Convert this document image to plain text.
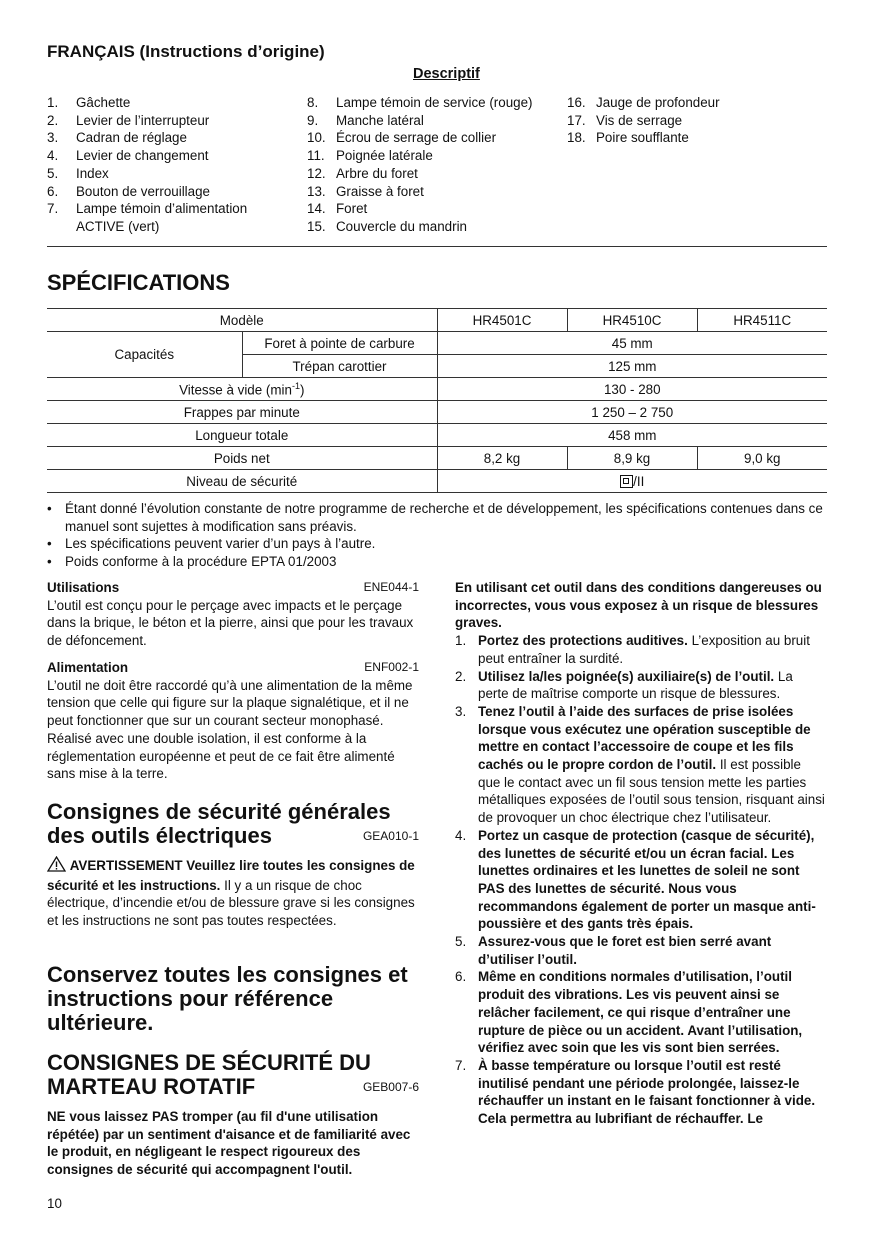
FRANÇAIS (Instructions d’origine)
Descriptif
1.	Gâchette
2.	Levier de l’interrupteur
3.	Cadran de réglage
4.	Levier de changement
5.	Index
6.	Bouton de verrouillage
7.	Lampe témoin d’alimentation
ACTIVE (vert)
8.	Lampe témoin de service (rouge)
9.	Manche latéral
10. Écrou de serrage de collier
11. Poignée latérale
12. Arbre du foret
13. Graisse à foret
14. Foret
15. Couvercle du mandrin
16. Jauge de profondeur
17. Vis de serrage
18. Poire soufflante
SPÉCIFICATIONS
Modèle		HR4501C	HR4510C	HR4511C
Capacités	Foret à pointe de carbure	45 mm		
	Trépan carottier	125 mm		
Vitesse à vide $(\min^{-1})$		130 - 280		
Frappes par minute		1 250 – 2 750		
Longueur totale		458 mm		
Poids net		8,2 kg	8,9 kg	9,0 kg
Niveau de sécurité		/II		
• Étant donné l’évolution constante de notre programme de recherche et de développement, les spécifications contenues dans ce manuel sont sujettes à modification sans préavis.
• Les spécifications peuvent varier d’un pays à l’autre.
• Poids conforme à la procédure EPTA 01/2003
Utilisations	ENE044-1
L’outil est conçu pour le perçage avec impacts et le perçage dans la brique, le béton et la pierre, ainsi que pour les travaux de défoncement.
Alimentation	ENF002-1
L’outil ne doit être raccordé qu’à une alimentation de la même tension que celle qui figure sur la plaque signalétique, et il ne peut fonctionner que sur un courant secteur monophasé. Réalisé avec une double isolation, il est conforme à la réglementation européenne et peut de ce fait être alimenté sans mise à la terre.
Consignes de sécurité générales
des outils électriques	GEA010-1
AVERTISSEMENT Veuillez lire toutes les consignes de sécurité et les instructions. Il y a un risque de choc électrique, d’incendie et/ou de blessure grave si les consignes et les instructions ne sont pas toutes respectées.
Conservez toutes les consignes et instructions pour référence ultérieure.
CONSIGNES DE SÉCURITÉ DU
MARTEAU ROTATIF	GEB007-6
NE vous laissez PAS tromper (au fil d'une utilisation répétée) par un sentiment d'aisance et de familiarité avec le produit, en négligeant le respect rigoureux des consignes de sécurité qui accompagnent l'outil.
En utilisant cet outil dans des conditions dangereuses ou incorrectes, vous vous exposez à un risque de blessures graves.
1. Portez des protections auditives. L’exposition au bruit peut entraîner la surdité.
2. Utilisez la/les poignée(s) auxiliaire(s) de l’outil. La perte de maîtrise comporte un risque de blessures.
3. Tenez l’outil à l’aide des surfaces de prise isolées lorsque vous exécutez une opération susceptible de mettre en contact l’accessoire de coupe et les fils cachés ou le propre cordon de l’outil. Il est possible que le contact avec un fil sous tension mette les parties métalliques exposées de l’outil sous tension, risquant ainsi de provoquer un choc électrique chez l’utilisateur.
4. Portez un casque de protection (casque de sécurité), des lunettes de sécurité et/ou un écran facial. Les lunettes ordinaires et les lunettes de soleil ne sont PAS des lunettes de sécurité. Nous vous recommandons également de porter un masque anti-poussière et des gants très épais.
5. Assurez-vous que le foret est bien serré avant d’utiliser l’outil.
6. Même en conditions normales d’utilisation, l’outil produit des vibrations. Les vis peuvent ainsi se relâcher facilement, ce qui risque d’entraîner une rupture de pièce ou un accident. Avant l’utilisation, vérifiez avec soin que les vis sont bien serrées.
7. À basse température ou lorsque l’outil est resté inutilisé pendant une période prolongée, laissez-le réchauffer un instant en le faisant fonctionner à vide. Cela permettra au lubrifiant de réchauffer. Le
10
